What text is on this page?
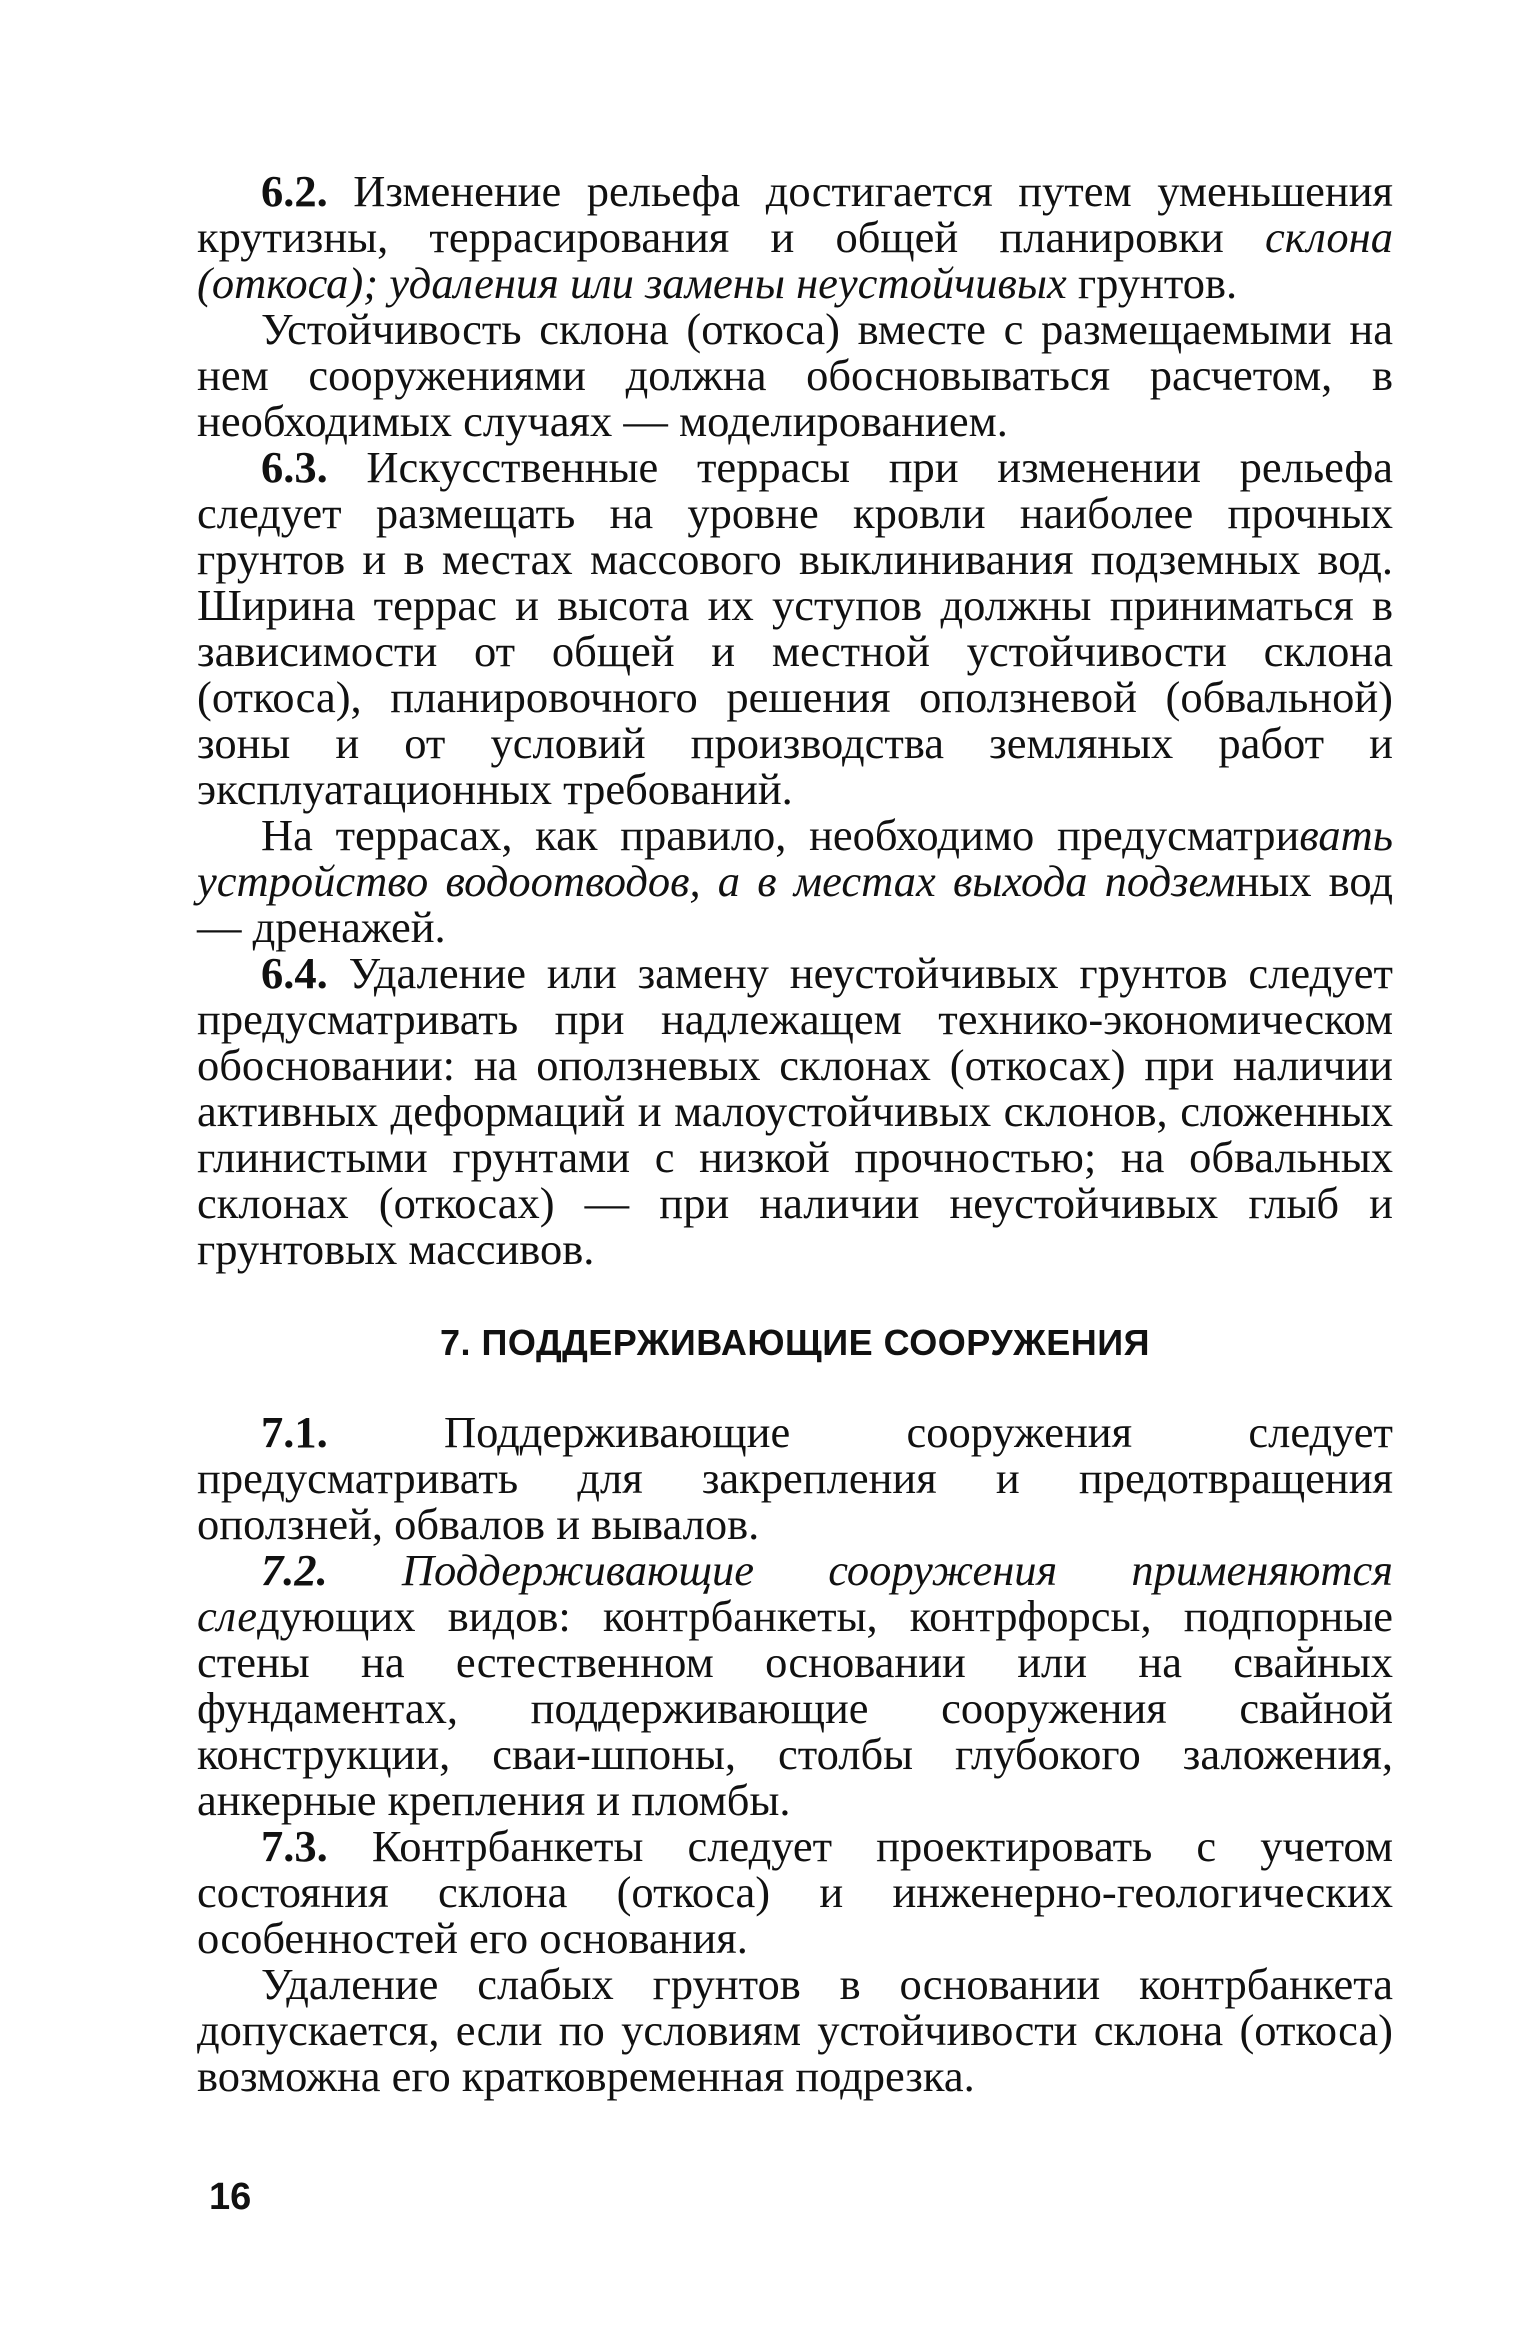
6.2. Изменение рельефа достигается путем уменьшения крутизны, террасирования и общей планировки склона (откоса); удаления или замены неустойчивых грунтов.

Устойчивость склона (откоса) вместе с размещаемыми на нем сооружениями должна обосновываться расчетом, в необходимых случаях — моделированием.

6.3. Искусственные террасы при изменении рельефа следует размещать на уровне кровли наиболее прочных грунтов и в местах массового выклинивания подземных вод. Ширина террас и высота их уступов должны приниматься в зависимости от общей и местной устойчивости склона (откоса), планировочного решения оползневой (обвальной) зоны и от условий производства земляных работ и эксплуатационных требований.

На террасах, как правило, необходимо предусматривать устройство водоотводов, а в местах выхода подземных вод — дренажей.

6.4. Удаление или замену неустойчивых грунтов следует предусматривать при надлежащем технико-экономическом обосновании: на оползневых склонах (откосах) при наличии активных деформаций и малоустойчивых склонов, сложенных глинистыми грунтами с низкой прочностью; на обвальных склонах (откосах) — при наличии неустойчивых глыб и грунтовых массивов.

7. ПОДДЕРЖИВАЮЩИЕ СООРУЖЕНИЯ

7.1. Поддерживающие сооружения следует предусматривать для закрепления и предотвращения оползней, обвалов и вывалов.

7.2. Поддерживающие сооружения применяются следующих видов: контрбанкеты, контрфорсы, подпорные стены на естественном основании или на свайных фундаментах, поддерживающие сооружения свайной конструкции, сваи-шпоны, столбы глубокого заложения, анкерные крепления и пломбы.

7.3. Контрбанкеты следует проектировать с учетом состояния склона (откоса) и инженерно-геологических особенностей его основания.

Удаление слабых грунтов в основании контрбанкета допускается, если по условиям устойчивости склона (откоса) возможна его кратковременная подрезка.

16
